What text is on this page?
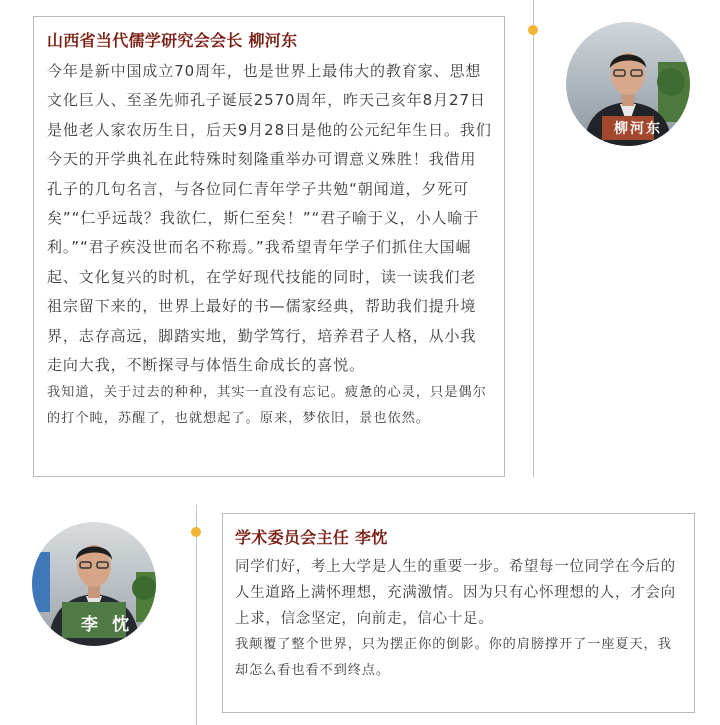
山西省当代儒学研究会会长 柳河东

今年是新中国成立70周年，也是世界上最伟大的教育家、思想文化巨人、至圣先师孔子诞辰2570周年，昨天己亥年8月27日是他老人家农历生日，后天9月28日是他的公元纪年生日。我们今天的开学典礼在此特殊时刻隆重举办可谓意义殊胜！我借用孔子的几句名言，与各位同仁青年学子共勉“朝闻道，夕死可矣”“仁乎远哉？我欲仁，斯仁至矣！”“君子喻于义，小人喻于利。”“君子疾没世而名不称焉。”我希望青年学子们抓住大国崛起、文化复兴的时机，在学好现代技能的同时，读一读我们老祖宗留下来的，世界上最好的书—儒家经典，帮助我们提升境界，志存高远，脚踏实地，勤学笃行，培养君子人格，从小我走向大我，不断探寻与体悟生命成长的喜悦。

我知道，关于过去的种种，其实一直没有忘记。疲惫的心灵，只是偶尔的打个盹，苏醒了，也就想起了。原来，梦依旧，景也依然。

柳河东
李忱

学术委员会主任 李忱

同学们好，考上大学是人生的重要一步。希望每一位同学在今后的人生道路上满怀理想，充满激情。因为只有心怀理想的人，才会向上求，信念坚定，向前走，信心十足。

我颠覆了整个世界，只为摆正你的倒影。你的肩膀撑开了一座夏天，我却怎么看也看不到终点。
